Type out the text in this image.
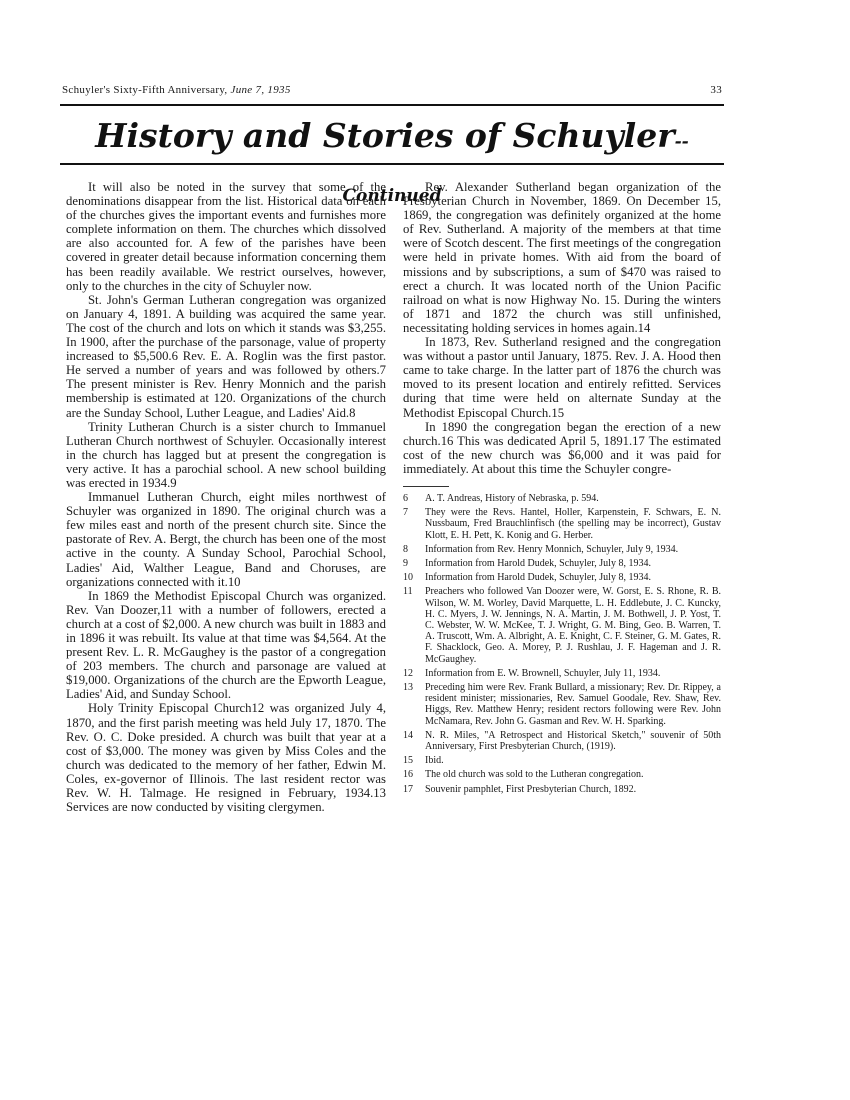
Schuyler's Sixty-Fifth Anniversary, June 7, 1935	33
History and Stories of Schuyler--Continued

It will also be noted in the survey that some of the denominations disappear from the list. Historical data on each of the churches gives the important events and furnishes more complete information on them. The churches which dissolved are also accounted for. A few of the parishes have been covered in greater detail because information concerning them has been readily available. We restrict ourselves, however, only to the churches in the city of Schuyler now.

St. John's German Lutheran congregation was organized on January 4, 1891. A building was acquired the same year. The cost of the church and lots on which it stands was $3,255. In 1900, after the purchase of the parsonage, value of property increased to $5,500.6 Rev. E. A. Roglin was the first pastor. He served a number of years and was followed by others.7 The present minister is Rev. Henry Monnich and the parish membership is estimated at 120. Organizations of the church are the Sunday School, Luther League, and Ladies' Aid.8

Trinity Lutheran Church is a sister church to Immanuel Lutheran Church northwest of Schuyler. Occasionally interest in the church has lagged but at present the congregation is very active. It has a parochial school. A new school building was erected in 1934.9

Immanuel Lutheran Church, eight miles northwest of Schuyler was organized in 1890. The original church was a few miles east and north of the present church site. Since the pastorate of Rev. A. Bergt, the church has been one of the most active in the county. A Sunday School, Parochial School, Ladies' Aid, Walther League, Band and Choruses, are organizations connected with it.10

In 1869 the Methodist Episcopal Church was organized. Rev. Van Doozer,11 with a number of followers, erected a church at a cost of $2,000. A new church was built in 1883 and in 1896 it was rebuilt. Its value at that time was $4,564. At the present Rev. L. R. McGaughey is the pastor of a congregation of 203 members. The church and parsonage are valued at $19,000. Organizations of the church are the Epworth League, Ladies' Aid, and Sunday School.

Holy Trinity Episcopal Church12 was organized July 4, 1870, and the first parish meeting was held July 17, 1870. The Rev. O. C. Doke presided. A church was built that year at a cost of $3,000. The money was given by Miss Coles and the church was dedicated to the memory of her father, Edwin M. Coles, ex-governor of Illinois. The last resident rector was Rev. W. H. Talmage. He resigned in February, 1934.13 Services are now conducted by visiting clergymen.

Rev. Alexander Sutherland began organization of the Presbyterian Church in November, 1869. On December 15, 1869, the congregation was definitely organized at the home of Rev. Sutherland. A majority of the members at that time were of Scotch descent. The first meetings of the congregation were held in private homes. With aid from the board of missions and by subscriptions, a sum of $470 was raised to erect a church. It was located north of the Union Pacific railroad on what is now Highway No. 15. During the winters of 1871 and 1872 the church was still unfinished, necessitating holding services in homes again.14

In 1873, Rev. Sutherland resigned and the congregation was without a pastor until January, 1875. Rev. J. A. Hood then came to take charge. In the latter part of 1876 the church was moved to its present location and entirely refitted. Services during that time were held on alternate Sunday at the Methodist Episcopal Church.15

In 1890 the congregation began the erection of a new church.16 This was dedicated April 5, 1891.17 The estimated cost of the new church was $6,000 and it was paid for immediately. At about this time the Schuyler congre-

6	A. T. Andreas, History of Nebraska, p. 594.
7	They were the Revs. Hantel, Holler, Karpenstein, F. Schwars, E. N. Nussbaum, Fred Brauchlinfisch (the spelling may be incorrect), Gustav Klott, E. H. Pett, K. Konig and G. Herber.
8	Information from Rev. Henry Monnich, Schuyler, July 9, 1934.
9	Information from Harold Dudek, Schuyler, July 8, 1934.
10	Information from Harold Dudek, Schuyler, July 8, 1934.
11	Preachers who followed Van Doozer were, W. Gorst, E. S. Rhone, R. B. Wilson, W. M. Worley, David Marquette, L. H. Eddlebute, J. C. Kuncky, H. C. Myers, J. W. Jennings, N. A. Martin, J. M. Bothwell, J. P. Yost, T. C. Webster, W. W. McKee, T. J. Wright, G. M. Bing, Geo. B. Warren, T. A. Truscott, Wm. A. Albright, A. E. Knight, C. F. Steiner, G. M. Gates, R. F. Shacklock, Geo. A. Morey, P. J. Rushlau, J. F. Hageman and J. R. McGaughey.
12	Information from E. W. Brownell, Schuyler, July 11, 1934.
13	Preceding him were Rev. Frank Bullard, a missionary; Rev. Dr. Rippey, a resident minister; missionaries, Rev. Samuel Goodale, Rev. Shaw, Rev. Higgs, Rev. Matthew Henry; resident rectors following were Rev. John McNamara, Rev. John G. Gasman and Rev. W. H. Sparking.
14	N. R. Miles, "A Retrospect and Historical Sketch," souvenir of 50th Anniversary, First Presbyterian Church, (1919).
15	Ibid.
16	The old church was sold to the Lutheran congregation.
17	Souvenir pamphlet, First Presbyterian Church, 1892.
